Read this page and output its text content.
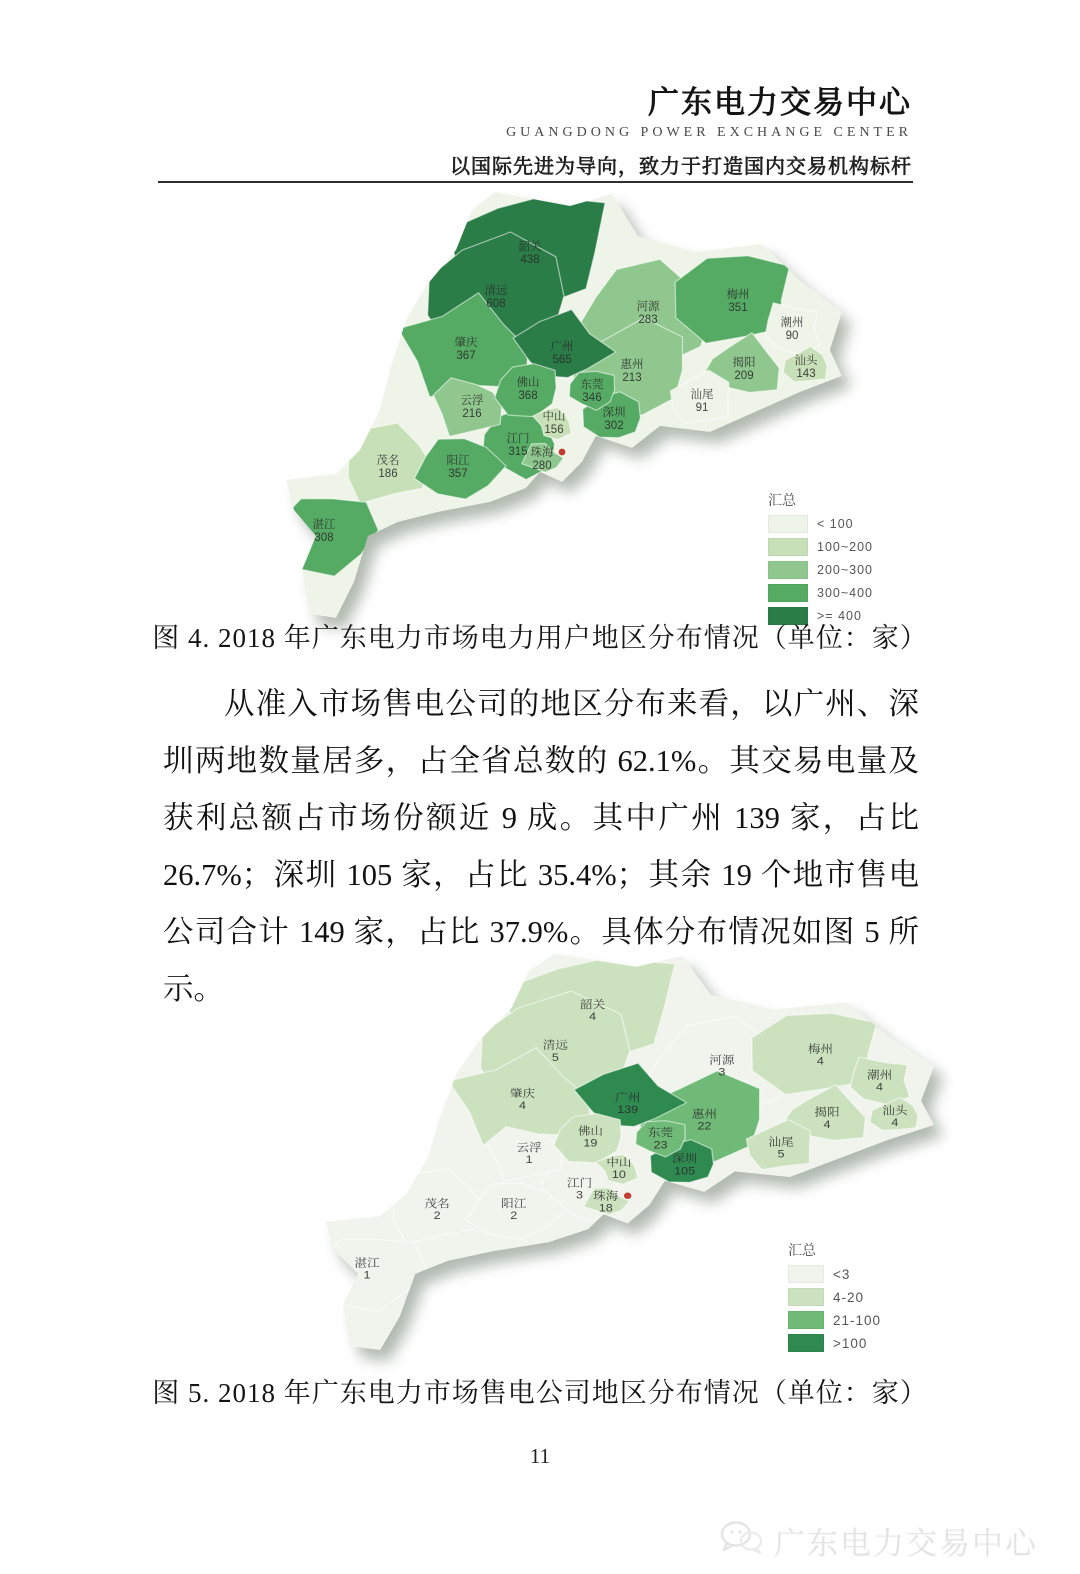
广东电力交易中心
GUANGDONG POWER EXCHANGE CENTER
以国际先进为导向，致力于打造国内交易机构标杆
韶关 438
清远 608	河源 283
梅州 351
潮州 90
汕头 143
揭阳 209
汕尾 91
惠州 213
东莞 346
深圳 302
广州 565
佛山 368
肇庆 367
云浮 216
阳江 357
江门 315
中山 156
珠海 280
茂名 186
湛江 308
汇总
< 100
100~200
200~300
300~400
>= 400
图 4. 2018 年广东电力市场电力用户地区分布情况（单位：家）
从准入市场售电公司的地区分布来看，以广州、深圳两地数量居多，占全省总数的 62.1%。其交易电量及获利总额占市场份额近 9 成。其中广州 139 家，占比 26.7%；深圳 105 家，占比 35.4%；其余 19 个地市售电公司合计 149 家，占比 37.9%。具体分布情况如图 5 所示。	韶关 4
清远 5	河源 3
梅州 4
潮州 4
汕头 4
揭阳 4
汕尾 5
惠州 22
东莞 23
深圳 105
广州 139
佛山 19
肇庆 4
云浮 1
阳江 2
江门 3
中山 10
珠海 18
茂名 2
湛江 1
汇总
<3
4-20
21-100
>100
图 5. 2018 年广东电力市场售电公司地区分布情况（单位：家）
11
广东电力交易中心
